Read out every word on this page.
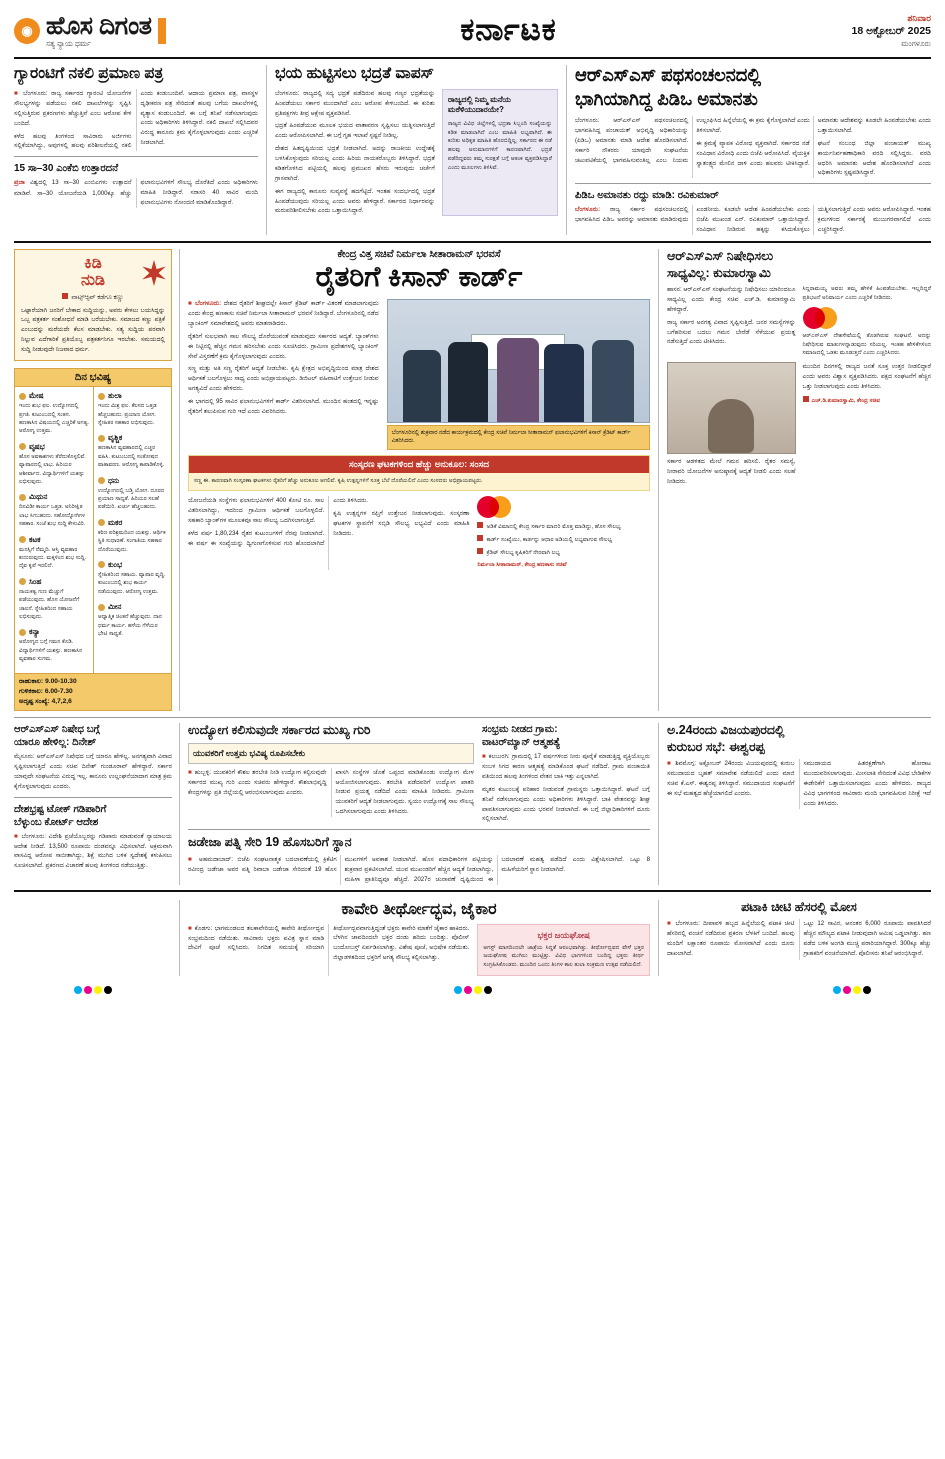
◉ ಹೊಸ ದಿಗಂತ
ಸತ್ಯ ನ್ಯಾಯ ಧರ್ಮ	ಕರ್ನಾಟಕ	ಶನಿವಾರ
18 ಅಕ್ಟೋಬರ್ 2025
ಮಂಗಳೂರು
ಗ್ಯಾರಂಟಿಗೆ ನಕಲಿ ಪ್ರಮಾಣ ಪತ್ರ
■ ಬೆಂಗಳೂರು: ರಾಜ್ಯ ಸರ್ಕಾರದ ಗ್ಯಾರಂಟಿ ಯೋಜನೆಗಳ ಸೌಲಭ್ಯಗಳನ್ನು ಪಡೆಯಲು ನಕಲಿ ದಾಖಲೆಗಳನ್ನು ಸೃಷ್ಟಿಸಿ ಸಲ್ಲಿಸುತ್ತಿರುವ ಪ್ರಕರಣಗಳು ಹೆಚ್ಚುತ್ತಿವೆ ಎಂಬ ಆರೋಪ ಕೇಳಿ ಬಂದಿದೆ.
ಕಳೆದ ಹಲವು ತಿಂಗಳಿಂದ ಸಾವಿರಾರು ಅರ್ಜಿಗಳು ಸಲ್ಲಿಕೆಯಾಗಿದ್ದು, ಅವುಗಳಲ್ಲಿ ಹಲವು ಪರಿಶೀಲನೆಯಲ್ಲಿ ನಕಲಿ ಎಂದು ಕಂಡುಬಂದಿವೆ. ಆದಾಯ ಪ್ರಮಾಣ ಪತ್ರ, ವಾಸಸ್ಥಳ ದೃಢೀಕರಣ ಪತ್ರ ಸೇರಿದಂತೆ ಹಲವು ಬಗೆಯ ದಾಖಲೆಗಳಲ್ಲಿ ವ್ಯತ್ಯಾಸ ಕಂಡುಬಂದಿದೆ. ಈ ಬಗ್ಗೆ ತನಿಖೆ ನಡೆಸಲಾಗುವುದು ಎಂದು ಅಧಿಕಾರಿಗಳು ತಿಳಿಸಿದ್ದಾರೆ. ನಕಲಿ ದಾಖಲೆ ಸಲ್ಲಿಸಿದವರ ವಿರುದ್ಧ ಕಾನೂನು ಕ್ರಮ ಕೈಗೊಳ್ಳಲಾಗುವುದು ಎಂದು ಎಚ್ಚರಿಕೆ ನೀಡಲಾಗಿದೆ.
15 ಸಾ–30 ಎಂಕೆಬಿ ಉತ್ತಾರದನೆ
ಪ್ರಜಾ ವಿಶ್ವದಲ್ಲಿ 13 ಸಾ–30 ಎಂಬಿಎಗಳು ಉತ್ಪಾದನೆ ಮಾಡಿವೆ. ಸಾ–30 ಯೋಜನೆಯಡಿ 1,000ಕ್ಕೂ ಹೆಚ್ಚು ಫಲಾನುಭವಿಗಳಿಗೆ ಸೌಲಭ್ಯ ದೊರೆತಿದೆ ಎಂದು ಅಧಿಕಾರಿಗಳು ಮಾಹಿತಿ ನೀಡಿದ್ದಾರೆ. ಸರಾಸರಿ 40 ಸಾವಿರ ಮಂದಿ ಫಲಾನುಭವಿಗಳು ನೋಂದಣಿ ಮಾಡಿಕೊಂಡಿದ್ದಾರೆ.
ಭಯ ಹುಟ್ಟಿಸಲು ಭದ್ರತೆ ವಾಪಸ್
ಬೆಂಗಳೂರು: ರಾಜ್ಯದಲ್ಲಿ ಸದ್ಯ ಭದ್ರತೆ ಪಡೆದಿರುವ ಹಲವು ಗಣ್ಯರ ಭದ್ರತೆಯನ್ನು ಹಿಂಪಡೆಯಲು ಸರ್ಕಾರ ಮುಂದಾಗಿದೆ ಎಂಬ ಆರೋಪ ಕೇಳಿಬಂದಿದೆ. ಈ ಕುರಿತು ಪ್ರತಿಪಕ್ಷಗಳು ತೀವ್ರ ಆಕ್ಷೇಪ ವ್ಯಕ್ತಪಡಿಸಿವೆ.
ಭದ್ರತೆ ಹಿಂಪಡೆಯುವ ಮೂಲಕ ಭಯದ ವಾತಾವರಣ ಸೃಷ್ಟಿಸಲು ಯತ್ನಿಸಲಾಗುತ್ತಿದೆ ಎಂದು ಆರೋಪಿಸಲಾಗಿದೆ. ಈ ಬಗ್ಗೆ ಗೃಹ ಇಲಾಖೆ ಸ್ಪಷ್ಟನೆ ನೀಡಿಲ್ಲ.
ದೇಶದ ಹಿತದೃಷ್ಟಿಯಿಂದ ಭದ್ರತೆ ನೀಡಲಾಗಿದೆ. ಅದನ್ನು ರಾಜಕೀಯ ಉದ್ದೇಶಕ್ಕೆ ಬಳಸಿಕೊಳ್ಳುವುದು ಸರಿಯಲ್ಲ ಎಂದು ಹಿರಿಯ ನಾಯಕರೊಬ್ಬರು ತಿಳಿಸಿದ್ದಾರೆ. ಭದ್ರತೆ ಕಡಿತಗೊಳಿಸಿದ ಪಟ್ಟಿಯಲ್ಲಿ ಹಲವು ಪ್ರಮುಖರ ಹೆಸರು ಇರುವುದು ಚರ್ಚೆಗೆ ಗ್ರಾಸವಾಗಿದೆ.
ಈಗ ರಾಜ್ಯದಲ್ಲಿ ಕಾನೂನು ಸುವ್ಯವಸ್ಥೆ ಹದಗೆಟ್ಟಿದೆ. ಇಂತಹ ಸಂದರ್ಭದಲ್ಲಿ ಭದ್ರತೆ ಹಿಂಪಡೆಯುವುದು ಸರಿಯಲ್ಲ ಎಂದು ಅವರು ಹೇಳಿದ್ದಾರೆ. ಸರ್ಕಾರದ ನಿರ್ಧಾರವನ್ನು ಮರುಪರಿಶೀಲಿಸಬೇಕು ಎಂದು ಒತ್ತಾಯಿಸಿದ್ದಾರೆ.
ರಾಜ್ಯದಲ್ಲಿ ನಿಮ್ಮ ಮನೆಯ ಮಠೆಳಿಯುದಾರಯೇ?
ರಾಜ್ಯದ ವಿವಿಧ ಜಿಲ್ಲೆಗಳಲ್ಲಿ ಭದ್ರತಾ ಸಿಬ್ಬಂದಿ ಸಂಖ್ಯೆಯನ್ನು ಕಡಿತ ಮಾಡಲಾಗಿದೆ ಎಂಬ ಮಾಹಿತಿ ಲಭ್ಯವಾಗಿದೆ. ಈ ಕುರಿತು ಅಧಿಕೃತ ಮಾಹಿತಿ ಹೊರಬಿದ್ದಿಲ್ಲ. ಸರ್ಕಾರದ ಈ ನಡೆ ಹಲವು ಅನುಮಾನಗಳಿಗೆ ಕಾರಣವಾಗಿದೆ. ಭದ್ರತೆ ಪಡೆದಿದ್ದವರು ತಮ್ಮ ಸುರಕ್ಷತೆ ಬಗ್ಗೆ ಆತಂಕ ವ್ಯಕ್ತಪಡಿಸಿದ್ದಾರೆ ಎಂದು ಮೂಲಗಳು ತಿಳಿಸಿವೆ.
ಆರ್‌ಎಸ್‌ಎಸ್‌ ಪಥಸಂಚಲನದಲ್ಲಿ
ಭಾಗಿಯಾಗಿದ್ದ ಪಿಡಿಒ ಅಮಾನತು
ಬೆಂಗಳೂರು: ಆರ್‌ಎಸ್‌ಎಸ್‌ ಪಥಸಂಚಲನದಲ್ಲಿ ಭಾಗವಹಿಸಿದ್ದ ಪಂಚಾಯತ್ ಅಭಿವೃದ್ಧಿ ಅಧಿಕಾರಿಯನ್ನು (ಪಿಡಿಒ) ಅಮಾನತು ಮಾಡಿ ಆದೇಶ ಹೊರಡಿಸಲಾಗಿದೆ. ಸರ್ಕಾರಿ ನೌಕರರು ಯಾವುದೇ ಸಂಘಟನೆಯ ಚಟುವಟಿಕೆಯಲ್ಲಿ ಭಾಗವಹಿಸುವಂತಿಲ್ಲ ಎಂಬ ನಿಯಮ ಉಲ್ಲಂಘಿಸಿದ ಹಿನ್ನೆಲೆಯಲ್ಲಿ ಈ ಕ್ರಮ ಕೈಗೊಳ್ಳಲಾಗಿದೆ ಎಂದು ತಿಳಿಸಲಾಗಿದೆ.
ಈ ಕ್ರಮಕ್ಕೆ ವ್ಯಾಪಕ ವಿರೋಧ ವ್ಯಕ್ತವಾಗಿದೆ. ಸರ್ಕಾರದ ನಡೆ ಸಂವಿಧಾನ ವಿರೋಧಿ ಎಂದು ಬಿಜೆಪಿ ಆರೋಪಿಸಿದೆ. ವೈಯಕ್ತಿಕ ಸ್ವಾತಂತ್ರ್ಯದ ಮೇಲಿನ ದಾಳಿ ಎಂದು ಹಲವರು ಟೀಕಿಸಿದ್ದಾರೆ. ಅಮಾನತು ಆದೇಶವನ್ನು ಕೂಡಲೇ ಹಿಂಪಡೆಯಬೇಕು ಎಂದು ಒತ್ತಾಯಿಸಲಾಗಿದೆ.
ಘಟನೆ ಸಂಬಂಧ ಜಿಲ್ಲಾ ಪಂಚಾಯತ್ ಮುಖ್ಯ ಕಾರ್ಯನಿರ್ವಹಣಾಧಿಕಾರಿ ವರದಿ ಸಲ್ಲಿಸಿದ್ದರು. ವರದಿ ಆಧರಿಸಿ ಅಮಾನತು ಆದೇಶ ಹೊರಡಿಸಲಾಗಿದೆ ಎಂದು ಅಧಿಕಾರಿಗಳು ಸ್ಪಷ್ಟಪಡಿಸಿದ್ದಾರೆ.
ಪಿಡಿಒ ಅಮಾನತು ರದ್ದು ಮಾಡಿ: ರವಿಕುಮಾರ್
ಬೆಂಗಳೂರು: ರಾಜ್ಯ ಸರ್ಕಾರ ಪಥಸಂಚಲನದಲ್ಲಿ ಭಾಗವಹಿಸಿದ ಪಿಡಿಒ ಅವರನ್ನು ಅಮಾನತು ಮಾಡಿರುವುದು ಖಂಡನೀಯ. ಕೂಡಲೇ ಆದೇಶ ಹಿಂಪಡೆಯಬೇಕು ಎಂದು ಬಿಜೆಪಿ ಮುಖಂಡ ಎನ್. ರವಿಕುಮಾರ್ ಒತ್ತಾಯಿಸಿದ್ದಾರೆ. ಸಂವಿಧಾನ ನೀಡಿರುವ ಹಕ್ಕನ್ನು ಕಸಿದುಕೊಳ್ಳಲು ಯತ್ನಿಸಲಾಗುತ್ತಿದೆ ಎಂದು ಅವರು ಆರೋಪಿಸಿದ್ದಾರೆ. ಇಂತಹ ಕ್ರಮಗಳಿಂದ ಸರ್ಕಾರಕ್ಕೆ ಮುಜುಗರವಾಗಲಿದೆ ಎಂದು ಎಚ್ಚರಿಸಿದ್ದಾರೆ.
ಕಿಡಿ
ನುಡಿ
ವಾಟ್ಸ್‌ಆ್ಯಪ್ ಕಡೆಗೂ ಕಣ್ಣು
ಒಟ್ಟಾರೆಯಾಗಿ ಜನರಿಗೆ ಬೇಕಾದ ಸುದ್ದಿಯನ್ನು, ಅವರು ಕೇಳಲು ಬಯಸಿದ್ದನ್ನು ಒಬ್ಬ ಪತ್ರಕರ್ತ ಸಂಶೋಧನೆ ಮಾಡಿ ಬರೆಯಬೇಕು. ಸಮಾಜದ ಕಣ್ಣು ಪತ್ರಿಕೆ ಎಂಬುದನ್ನು ಮರೆಯದೇ ಕೆಲಸ ಮಾಡಬೇಕು. ಸತ್ಯ ಸುದ್ದಿಯ ಪರವಾಗಿ ನಿಲ್ಲುವ ಎದೆಗಾರಿಕೆ ಪ್ರತಿಯೊಬ್ಬ ಪತ್ರಕರ್ತನಿಗೂ ಇರಬೇಕು. ಸಮಯದಲ್ಲಿ ಸುದ್ದಿ ನೀಡುವುದೇ ನಿಜವಾದ ಧರ್ಮ.
ದಿನ ಭವಿಷ್ಯ
ಮೇಷ
ಇಂದು ಶುಭ ಫಲ. ಉದ್ಯೋಗದಲ್ಲಿ ಪ್ರಗತಿ. ಕುಟುಂಬದಲ್ಲಿ ಸಂತಸ. ಹಣಕಾಸಿನ ವಿಷಯದಲ್ಲಿ ಎಚ್ಚರಿಕೆ ಅಗತ್ಯ. ಆರೋಗ್ಯ ಉತ್ತಮ.
ವೃಷಭ
ಹೊಸ ಅವಕಾಶಗಳು ತೆರೆದುಕೊಳ್ಳಲಿವೆ. ವ್ಯಾಪಾರದಲ್ಲಿ ಲಾಭ. ಹಿರಿಯರ ಆಶೀರ್ವಾದ. ವಿದ್ಯಾರ್ಥಿಗಳಿಗೆ ಯಶಸ್ಸು ಲಭಿಸುವುದು.
ಮಿಥುನ
ದಿನವಿಡೀ ಕಾರ್ಯ ಒತ್ತಡ. ಅನಿರೀಕ್ಷಿತ ಲಾಭ ಸಿಗಬಹುದು. ಸಹೋದ್ಯೋಗಿಗಳ ಸಹಕಾರ. ಸಂಜೆ ಶುಭ ಸುದ್ದಿ ಕೇಳುವಿರಿ.
ಕಟಕ
ಮನಸ್ಸಿಗೆ ನೆಮ್ಮದಿ. ಆಸ್ತಿ ವ್ಯವಹಾರ ಕುದುರುವುದು. ಮಕ್ಕಳಿಂದ ಶುಭ ಸುದ್ದಿ. ದೈವ ಕೃಪೆ ಇರಲಿದೆ.
ಸಿಂಹ
ನಾಯಕತ್ವ ಗುಣ ಮೆಚ್ಚುಗೆ ಪಡೆಯುವುದು. ಹೊಸ ಯೋಜನೆಗೆ ಚಾಲನೆ. ಸ್ನೇಹಿತರಿಂದ ಸಹಾಯ ಲಭಿಸುವುದು.
ಕನ್ಯಾ
ಆರೋಗ್ಯದ ಬಗ್ಗೆ ಗಮನ ಕೊಡಿ. ವಿದ್ಯಾರ್ಥಿಗಳಿಗೆ ಯಶಸ್ಸು. ಹಣಕಾಸಿನ ವ್ಯವಹಾರ ಸುಗಮ.
ತುಲಾ
ಇಂದು ಮಿಶ್ರ ಫಲ. ಕೆಲಸದ ಒತ್ತಡ ಹೆಚ್ಚಬಹುದು. ಪ್ರಯಾಣ ಯೋಗ. ಸ್ನೇಹಿತರ ಸಹಕಾರ ಲಭಿಸುವುದು.
ವೃಶ್ಚಿಕ
ಹಣಕಾಸಿನ ವ್ಯವಹಾರದಲ್ಲಿ ಎಚ್ಚರ ವಹಿಸಿ. ಕುಟುಂಬದಲ್ಲಿ ಸಂತೋಷದ ವಾತಾವರಣ. ಆರೋಗ್ಯ ಕಾಪಾಡಿಕೊಳ್ಳಿ.
ಧನು
ಉದ್ಯೋಗದಲ್ಲಿ ಬಡ್ತಿ ಯೋಗ. ದೂರದ ಪ್ರಯಾಣ ಸಾಧ್ಯತೆ. ಹಿರಿಯರ ಸಲಹೆ ಪಡೆಯಿರಿ. ಖರ್ಚು ಹೆಚ್ಚಬಹುದು.
ಮಕರ
ಕಠಿಣ ಪರಿಶ್ರಮದಿಂದ ಯಶಸ್ಸು. ಆರ್ಥಿಕ ಸ್ಥಿತಿ ಸುಧಾರಣೆ. ಸಂಗಾತಿಯ ಸಹಕಾರ ದೊರೆಯುವುದು.
ಕುಂಭ
ಸ್ನೇಹಿತರಿಂದ ಸಹಾಯ. ವ್ಯಾಪಾರ ವೃದ್ಧಿ. ಕುಟುಂಬದಲ್ಲಿ ಶುಭ ಕಾರ್ಯ ನಡೆಯುವುದು. ಆರೋಗ್ಯ ಉತ್ತಮ.
ಮೀನ
ಆಧ್ಯಾತ್ಮಿಕ ಚಿಂತನೆ ಹೆಚ್ಚುವುದು. ದಾನ ಧರ್ಮ ಕಾರ್ಯ. ಹಳೆಯ ಗೆಳೆಯರ ಭೇಟಿ ಸಾಧ್ಯತೆ.
ರಾಹುಕಾಲ: 9.00-10.30
ಗುಳಿಕಕಾಲ: 6.00-7.30
ಅದೃಷ್ಟ ಸಂಖ್ಯೆ: 4,7,2,6
ಕೇಂದ್ರ ವಿತ್ತ ಸಚಿವೆ ನಿರ್ಮಲಾ ಸೀತಾರಾಮನ್ ಭರವಸೆ
ರೈತರಿಗೆ ಕಿಸಾನ್ ಕಾರ್ಡ್
■ ಬೆಂಗಳೂರು: ದೇಶದ ರೈತರಿಗೆ ಶೀಘ್ರದಲ್ಲೇ ಕಿಸಾನ್ ಕ್ರೆಡಿಟ್ ಕಾರ್ಡ್ ವಿತರಣೆ ಮಾಡಲಾಗುವುದು ಎಂದು ಕೇಂದ್ರ ಹಣಕಾಸು ಸಚಿವೆ ನಿರ್ಮಲಾ ಸೀತಾರಾಮನ್ ಭರವಸೆ ನೀಡಿದ್ದಾರೆ. ಬೆಂಗಳೂರಿನಲ್ಲಿ ನಡೆದ ಬ್ಯಾಂಕಿಂಗ್ ಸಮಾವೇಶದಲ್ಲಿ ಅವರು ಮಾತನಾಡಿದರು.
ರೈತರಿಗೆ ಸುಲಭವಾಗಿ ಸಾಲ ಸೌಲಭ್ಯ ದೊರೆಯುವಂತೆ ಮಾಡುವುದು ಸರ್ಕಾರದ ಆದ್ಯತೆ. ಬ್ಯಾಂಕ್‌ಗಳು ಈ ನಿಟ್ಟಿನಲ್ಲಿ ಹೆಚ್ಚಿನ ಗಮನ ಹರಿಸಬೇಕು ಎಂದು ಸೂಚಿಸಿದರು. ಗ್ರಾಮೀಣ ಪ್ರದೇಶಗಳಲ್ಲಿ ಬ್ಯಾಂಕಿಂಗ್ ಸೇವೆ ವಿಸ್ತರಣೆಗೆ ಕ್ರಮ ಕೈಗೊಳ್ಳಲಾಗುವುದು ಎಂದರು.
ಸಣ್ಣ ಮತ್ತು ಅತಿ ಸಣ್ಣ ರೈತರಿಗೆ ಆದ್ಯತೆ ನೀಡಬೇಕು. ಕೃಷಿ ಕ್ಷೇತ್ರದ ಅಭಿವೃದ್ಧಿಯಿಂದ ಮಾತ್ರ ದೇಶದ ಆರ್ಥಿಕತೆ ಬಲಗೊಳ್ಳಲು ಸಾಧ್ಯ ಎಂದು ಅಭಿಪ್ರಾಯಪಟ್ಟರು. ಡಿಜಿಟಲ್ ವಹಿವಾಟಿಗೆ ಉತ್ತೇಜನ ನೀಡುವ ಅಗತ್ಯವಿದೆ ಎಂದು ಹೇಳಿದರು.
ಈ ಭಾಗದಲ್ಲಿ 95 ಸಾವಿರ ಫಲಾನುಭವಿಗಳಿಗೆ ಕಾರ್ಡ್ ವಿತರಿಸಲಾಗಿದೆ. ಮುಂದಿನ ಹಂತದಲ್ಲಿ ಇನ್ನಷ್ಟು ರೈತರಿಗೆ ತಲುಪಿಸುವ ಗುರಿ ಇದೆ ಎಂದು ವಿವರಿಸಿದರು.
ಬೆಂಗಳೂರಿನಲ್ಲಿ ಶುಕ್ರವಾರ ನಡೆದ ಕಾರ್ಯಕ್ರಮದಲ್ಲಿ ಕೇಂದ್ರ ಸಚಿವೆ ನಿರ್ಮಲಾ ಸೀತಾರಾಮನ್ ಫಲಾನುಭವಿಗಳಿಗೆ ಕಿಸಾನ್ ಕ್ರೆಡಿಟ್ ಕಾರ್ಡ್ ವಿತರಿಸಿದರು.
ಸಂಸ್ಕರಣ ಘಟಕಗಳಿಂದ ಹೆಚ್ಚು ಅನುಕೂಲ: ಸಂಸದ
ಸಣ್ಣ ಈ. ಕಾರಣವಾಗಿ ಸಂಸ್ಕರಣಾ ಘಟಕಗಳು ರೈತರಿಗೆ ಹೆಚ್ಚು ಅನುಕೂಲ ಆಗಲಿವೆ. ಕೃಷಿ ಉತ್ಪನ್ನಗಳಿಗೆ ಸೂಕ್ತ ಬೆಲೆ ದೊರೆಯಲಿದೆ ಎಂದು ಸಂಸದರು ಅಭಿಪ್ರಾಯಪಟ್ಟರು.
ಯೋಜನೆಯಡಿ ಸಂಸ್ಥೆಗಳು ಫಲಾನುಭವಿಗಳಿಗೆ 400 ಕೋಟಿ ರೂ. ಸಾಲ ವಿತರಿಸಲಾಗಿದ್ದು, ಇದರಿಂದ ಗ್ರಾಮೀಣ ಆರ್ಥಿಕತೆ ಬಲಗೊಳ್ಳಲಿದೆ. ಸಹಕಾರಿ ಬ್ಯಾಂಕ್‌ಗಳ ಮೂಲಕವೂ ಸಾಲ ಸೌಲಭ್ಯ ಒದಗಿಸಲಾಗುತ್ತಿದೆ.
ಕಳೆದ ವರ್ಷ 1,80,234 ರೈತರ ಕುಟುಂಬಗಳಿಗೆ ನೆರವು ನೀಡಲಾಗಿದೆ. ಈ ವರ್ಷ ಈ ಸಂಖ್ಯೆಯನ್ನು ದ್ವಿಗುಣಗೊಳಿಸುವ ಗುರಿ ಹೊಂದಲಾಗಿದೆ ಎಂದು ತಿಳಿಸಿದರು.
ಕೃಷಿ ಉತ್ಪನ್ನಗಳ ರಫ್ತಿಗೆ ಉತ್ತೇಜನ ನೀಡಲಾಗುವುದು. ಸಂಸ್ಕರಣಾ ಘಟಕಗಳ ಸ್ಥಾಪನೆಗೆ ಸಬ್ಸಿಡಿ ಸೌಲಭ್ಯ ಲಭ್ಯವಿದೆ ಎಂದು ಮಾಹಿತಿ ನೀಡಿದರು.
ಅಡಿಕೆ ವಿಮಾದಲ್ಲಿ ಕೇಂದ್ರ ಸರ್ಕಾರ ಮಾದರಿ ಮೊತ್ತ ಮಾಡಿದ್ದು, ಹೊಸ ಸೌಲಭ್ಯ
ಕಾರ್ಡ್ ಸಂಖ್ಯೆಯು, ಕಾರ್ಡನ್ನು ಆಧಾರ ಅಡಿಯಲ್ಲಿ ಲಭ್ಯವಾಗುವ ಸೌಲಭ್ಯ
ಕ್ರೆಡಿಟ್ ಸೌಲಭ್ಯ ಕೃಷಿಕರಿಗೆ ನೇರವಾಗಿ ಲಭ್ಯ
ನಿರ್ಮಲಾ ಸೀತಾರಾಮನ್, ಕೇಂದ್ರ ಹಣಕಾಸು ಸಚಿವೆ
ಆರ್‌ಎಸ್‌ಎಸ್‌ ನಿಷೇಧಿಸಲು
ಸಾಧ್ಯವಿಲ್ಲ: ಕುಮಾರಸ್ವಾಮಿ
ಹಾಸನ: ಆರ್‌ಎಸ್‌ಎಸ್‌ ಸಂಘಟನೆಯನ್ನು ನಿಷೇಧಿಸಲು ಯಾರಿಂದಲೂ ಸಾಧ್ಯವಿಲ್ಲ ಎಂದು ಕೇಂದ್ರ ಸಚಿವ ಎಚ್.ಡಿ. ಕುಮಾರಸ್ವಾಮಿ ಹೇಳಿದ್ದಾರೆ.
ರಾಜ್ಯ ಸರ್ಕಾರ ಅನಗತ್ಯ ವಿವಾದ ಸೃಷ್ಟಿಸುತ್ತಿದೆ. ಜನರ ಸಮಸ್ಯೆಗಳನ್ನು ಬಗೆಹರಿಸುವ ಬದಲು ಗಮನ ಬೇರೆಡೆ ಸೆಳೆಯುವ ಪ್ರಯತ್ನ ನಡೆಸುತ್ತಿದೆ ಎಂದು ಟೀಕಿಸಿದರು.
ಸಿದ್ದರಾಮಯ್ಯ ಅವರು ತಮ್ಮ ಹೇಳಿಕೆ ಹಿಂಪಡೆಯಬೇಕು. ಇಲ್ಲದಿದ್ದರೆ ಪ್ರತಿಭಟನೆ ಅನಿವಾರ್ಯ ಎಂದು ಎಚ್ಚರಿಕೆ ನೀಡಿದರು.
ಆರ್‌ಎಸ್‌ಎಸ್‌ ದೇಶಸೇವೆಯಲ್ಲಿ ತೊಡಗಿರುವ ಸಂಘಟನೆ. ಅದನ್ನು ನಿಷೇಧಿಸುವ ಮಾತುಗಳನ್ನಾಡುವುದು ಸರಿಯಲ್ಲ. ಇಂತಹ ಹೇಳಿಕೆಗಳಿಂದ ಸಮಾಜದಲ್ಲಿ ಒಡಕು ಮೂಡುತ್ತದೆ ಎಂದು ಎಚ್ಚರಿಸಿದರು.
ಸರ್ಕಾರ ಆಡಳಿತದ ಮೇಲೆ ಗಮನ ಹರಿಸಲಿ. ರೈತರ ಸಮಸ್ಯೆ, ನೀರಾವರಿ ಯೋಜನೆಗಳ ಅನುಷ್ಠಾನಕ್ಕೆ ಆದ್ಯತೆ ನೀಡಲಿ ಎಂದು ಸಲಹೆ ನೀಡಿದರು.
ಮುಂದಿನ ದಿನಗಳಲ್ಲಿ ರಾಜ್ಯದ ಜನತೆ ಸೂಕ್ತ ಉತ್ತರ ನೀಡಲಿದ್ದಾರೆ ಎಂದು ಅವರು ವಿಶ್ವಾಸ ವ್ಯಕ್ತಪಡಿಸಿದರು. ಪಕ್ಷದ ಸಂಘಟನೆಗೆ ಹೆಚ್ಚಿನ ಒತ್ತು ನೀಡಲಾಗುವುದು ಎಂದು ತಿಳಿಸಿದರು.
ಎಚ್.ಡಿ.ಕುಮಾರಸ್ವಾಮಿ, ಕೇಂದ್ರ ಸಚಿವ
ಆರ್‌ಎಸ್‌ಎಸ್‌ ನಿಷೇಧ ಬಗ್ಗೆ
ಯಾರೂ ಹೇಳಿಲ್ಲ: ದಿನೇಶ್
ಮೈಸೂರು: ಆರ್‌ಎಸ್‌ಎಸ್‌ ನಿಷೇಧದ ಬಗ್ಗೆ ಯಾರೂ ಹೇಳಿಲ್ಲ. ಅನಗತ್ಯವಾಗಿ ವಿವಾದ ಸೃಷ್ಟಿಸಲಾಗುತ್ತಿದೆ ಎಂದು ಸಚಿವ ದಿನೇಶ್ ಗುಂಡೂರಾವ್ ಹೇಳಿದ್ದಾರೆ. ಸರ್ಕಾರ ಯಾವುದೇ ಸಂಘಟನೆಯ ವಿರುದ್ಧ ಇಲ್ಲ. ಕಾನೂನು ಉಲ್ಲಂಘನೆಯಾದಾಗ ಮಾತ್ರ ಕ್ರಮ ಕೈಗೊಳ್ಳಲಾಗುವುದು ಎಂದರು.
ದೇಶಭ್ರಷ್ಟ ಟೋಕ್ ಗಡಿಪಾರಿಗೆ
ಬೆಳ್ಳುಂಬ ಕೋರ್ಟ್ ಆದೇಶ
■ ಬೆಂಗಳೂರು: ವಿದೇಶಿ ಪ್ರಜೆಯೊಬ್ಬರನ್ನು ಗಡಿಪಾರು ಮಾಡುವಂತೆ ನ್ಯಾಯಾಲಯ ಆದೇಶ ನೀಡಿದೆ. 13,500 ರೂಪಾಯಿ ದಂಡವನ್ನೂ ವಿಧಿಸಲಾಗಿದೆ. ಅಕ್ರಮವಾಗಿ ವಾಸವಿದ್ದ ಆರೋಪ ಸಾಬೀತಾಗಿದ್ದು, ಶಿಕ್ಷೆ ಮುಗಿದ ಬಳಿಕ ಸ್ವದೇಶಕ್ಕೆ ಕಳುಹಿಸಲು ಸೂಚಿಸಲಾಗಿದೆ. ಪ್ರಕರಣದ ವಿಚಾರಣೆ ಹಲವು ತಿಂಗಳಿಂದ ನಡೆಯುತ್ತಿತ್ತು.
ಉದ್ಯೋಗ ಕಲಿಸುವುದೇ ಸರ್ಕಾರದ ಮುಖ್ಯ ಗುರಿ
ಯುವಕರಿಗೆ ಉತ್ತಮ ಭವಿಷ್ಯ ರೂಪಿಸಬೇಕು
■ ಹುಬ್ಬಳ್ಳಿ: ಯುವಕರಿಗೆ ಕೌಶಲ ತರಬೇತಿ ನೀಡಿ ಉದ್ಯೋಗ ಕಲ್ಪಿಸುವುದೇ ಸರ್ಕಾರದ ಮುಖ್ಯ ಗುರಿ ಎಂದು ಸಚಿವರು ಹೇಳಿದ್ದಾರೆ. ಕೌಶಲಾಭಿವೃದ್ಧಿ ಕೇಂದ್ರಗಳನ್ನು ಪ್ರತಿ ಜಿಲ್ಲೆಯಲ್ಲಿ ಆರಂಭಿಸಲಾಗುವುದು ಎಂದರು.
ಖಾಸಗಿ ಸಂಸ್ಥೆಗಳ ಜೊತೆ ಒಪ್ಪಂದ ಮಾಡಿಕೊಂಡು ಉದ್ಯೋಗ ಮೇಳ ಆಯೋಜಿಸಲಾಗುವುದು. ತರಬೇತಿ ಪಡೆದವರಿಗೆ ಉದ್ಯೋಗ ಖಾತರಿ ನೀಡುವ ಪ್ರಯತ್ನ ನಡೆದಿದೆ ಎಂದು ಮಾಹಿತಿ ನೀಡಿದರು. ಗ್ರಾಮೀಣ ಯುವಕರಿಗೆ ಆದ್ಯತೆ ನೀಡಲಾಗುವುದು. ಸ್ವಯಂ ಉದ್ಯೋಗಕ್ಕೆ ಸಾಲ ಸೌಲಭ್ಯ ಒದಗಿಸಲಾಗುವುದು ಎಂದು ತಿಳಿಸಿದರು.
ಸಂಭ್ರಮ ನೀಡದ ಗ್ರಾಮ:
ವಾಟರ್‌ಮ್ಯಾನ್ ಆತ್ಮಹತ್ಯೆ
■ ಕಲಬುರಗಿ: ಗ್ರಾಮದಲ್ಲಿ 17 ವರ್ಷಗಳಿಂದ ನೀರು ಪೂರೈಕೆ ಮಾಡುತ್ತಿದ್ದ ವ್ಯಕ್ತಿಯೊಬ್ಬರು ಸಂಬಳ ಸಿಗದ ಕಾರಣ ಆತ್ಮಹತ್ಯೆ ಮಾಡಿಕೊಂಡ ಘಟನೆ ನಡೆದಿದೆ. ಗ್ರಾಮ ಪಂಚಾಯಿತಿ ವತಿಯಿಂದ ಹಲವು ತಿಂಗಳಿಂದ ವೇತನ ಬಾಕಿ ಇತ್ತು ಎನ್ನಲಾಗಿದೆ.
ಮೃತರ ಕುಟುಂಬಕ್ಕೆ ಪರಿಹಾರ ನೀಡುವಂತೆ ಗ್ರಾಮಸ್ಥರು ಒತ್ತಾಯಿಸಿದ್ದಾರೆ. ಘಟನೆ ಬಗ್ಗೆ ತನಿಖೆ ನಡೆಸಲಾಗುವುದು ಎಂದು ಅಧಿಕಾರಿಗಳು ತಿಳಿಸಿದ್ದಾರೆ. ಬಾಕಿ ವೇತನವನ್ನು ಶೀಘ್ರ ಪಾವತಿಸಲಾಗುವುದು ಎಂದು ಭರವಸೆ ನೀಡಲಾಗಿದೆ. ಈ ಬಗ್ಗೆ ಜಿಲ್ಲಾಧಿಕಾರಿಗಳಿಗೆ ದೂರು ಸಲ್ಲಿಸಲಾಗಿದೆ.
ಜಡೇಜಾ ಪತ್ನಿ ಸೇರಿ 19 ಹೊಸಬರಿಗೆ ಸ್ಥಾನ
■ ಅಹಮದಾಬಾದ್: ಬಿಜೆಪಿ ಸಂಘಟನಾತ್ಮಕ ಬದಲಾವಣೆಯಲ್ಲಿ ಕ್ರಿಕೆಟಿಗ ರವೀಂದ್ರ ಜಡೇಜಾ ಅವರ ಪತ್ನಿ ರಿವಾಬಾ ಜಡೇಜಾ ಸೇರಿದಂತೆ 19 ಹೊಸ ಮುಖಗಳಿಗೆ ಅವಕಾಶ ನೀಡಲಾಗಿದೆ. ಹೊಸ ಪದಾಧಿಕಾರಿಗಳ ಪಟ್ಟಿಯನ್ನು ಶುಕ್ರವಾರ ಪ್ರಕಟಿಸಲಾಗಿದೆ. ಯುವ ಮುಖಂಡರಿಗೆ ಹೆಚ್ಚಿನ ಆದ್ಯತೆ ನೀಡಲಾಗಿದ್ದು, ಮಹಿಳಾ ಪ್ರಾತಿನಿಧ್ಯವೂ ಹೆಚ್ಚಿದೆ. 2027ರ ಚುನಾವಣೆ ದೃಷ್ಟಿಯಿಂದ ಈ ಬದಲಾವಣೆ ಮಹತ್ವ ಪಡೆದಿದೆ ಎಂದು ವಿಶ್ಲೇಷಿಸಲಾಗಿದೆ. ಒಟ್ಟು 8 ಮಹಿಳೆಯರಿಗೆ ಸ್ಥಾನ ನೀಡಲಾಗಿದೆ.
ಅ.24ರಂದು ವಿಜಯಪುರದಲ್ಲಿ
ಕುರುಬರ ಸಭೆ: ಈಶ್ವರಪ್ಪ
■ ಶಿವಮೊಗ್ಗ: ಅಕ್ಟೋಬರ್ 24ರಂದು ವಿಜಯಪುರದಲ್ಲಿ ಕುರುಬ ಸಮುದಾಯದ ಬೃಹತ್ ಸಮಾವೇಶ ನಡೆಯಲಿದೆ ಎಂದು ಮಾಜಿ ಸಚಿವ ಕೆ.ಎಸ್. ಈಶ್ವರಪ್ಪ ತಿಳಿಸಿದ್ದಾರೆ. ಸಮುದಾಯದ ಸಂಘಟನೆಗೆ ಈ ಸಭೆ ಮಹತ್ವದ ಹೆಜ್ಜೆಯಾಗಲಿದೆ ಎಂದರು.
ಸಮುದಾಯದ ಹಿತರಕ್ಷಣೆಗಾಗಿ ಹೋರಾಟ ಮುಂದುವರಿಸಲಾಗುವುದು. ಮೀಸಲಾತಿ ಸೇರಿದಂತೆ ವಿವಿಧ ಬೇಡಿಕೆಗಳ ಈಡೇರಿಕೆಗೆ ಒತ್ತಾಯಿಸಲಾಗುವುದು ಎಂದು ಹೇಳಿದರು. ರಾಜ್ಯದ ವಿವಿಧ ಭಾಗಗಳಿಂದ ಸಾವಿರಾರು ಮಂದಿ ಭಾಗವಹಿಸುವ ನಿರೀಕ್ಷೆ ಇದೆ ಎಂದು ತಿಳಿಸಿದರು.
ಕಾವೇರಿ ತೀರ್ಥೋದ್ಭವ, ಜೈಕಾರ
■ ಕೊಡಗು: ಭಾಗಮಂಡಲದ ತಲಕಾವೇರಿಯಲ್ಲಿ ಕಾವೇರಿ ತೀರ್ಥೋದ್ಭವ ಸಂಭ್ರಮದಿಂದ ನಡೆಯಿತು. ಸಾವಿರಾರು ಭಕ್ತರು ಪವಿತ್ರ ಸ್ನಾನ ಮಾಡಿ ದೇವಿಗೆ ಪೂಜೆ ಸಲ್ಲಿಸಿದರು. ನಿಗದಿತ ಸಮಯಕ್ಕೆ ಸರಿಯಾಗಿ ತೀರ್ಥೋದ್ಭವವಾಗುತ್ತಿದ್ದಂತೆ ಭಕ್ತರು ಕಾವೇರಿ ಮಾತೆಗೆ ಜೈಕಾರ ಹಾಕಿದರು. ಬೆಳಗಿನ ಜಾವದಿಂದಲೇ ಭಕ್ತರ ದಂಡು ಹರಿದು ಬಂದಿತ್ತು. ಪೊಲೀಸ್ ಬಂದೋಬಸ್ತ್ ಏರ್ಪಡಿಸಲಾಗಿತ್ತು. ವಿಶೇಷ ಪೂಜೆ, ಅಭಿಷೇಕ ನಡೆಯಿತು. ಜಿಲ್ಲಾಡಳಿತದಿಂದ ಭಕ್ತರಿಗೆ ಅಗತ್ಯ ಸೌಲಭ್ಯ ಕಲ್ಪಿಸಲಾಗಿತ್ತು.
ಭಕ್ತರ ಜಯಘೋಷ
ಆಗಸ್ಟ್ ಮಾಸದಿಂದಲೇ ಜಾತ್ರೆಯ ಸಿದ್ಧತೆ ಆರಂಭವಾಗಿತ್ತು. ತೀರ್ಥೋದ್ಭವದ ವೇಳೆ ಭಕ್ತರ ಜಯಘೋಷ ಮುಗಿಲು ಮುಟ್ಟಿತ್ತು. ವಿವಿಧ ಭಾಗಗಳಿಂದ ಬಂದಿದ್ದ ಭಕ್ತರು ತೀರ್ಥ ಸಂಗ್ರಹಿಸಿಕೊಂಡರು. ಮುಂದಿನ ಒಂದು ತಿಂಗಳ ಕಾಲ ತುಲಾ ಸಂಕ್ರಮಣ ಉತ್ಸವ ನಡೆಯಲಿದೆ.
ಪಟಾಕಿ ಚೀಟಿ ಹೆಸರಲ್ಲಿ ಮೋಸ
■ ಬೆಂಗಳೂರು: ದೀಪಾವಳಿ ಹಬ್ಬದ ಹಿನ್ನೆಲೆಯಲ್ಲಿ ಪಟಾಕಿ ಚೀಟಿ ಹೆಸರಿನಲ್ಲಿ ವಂಚನೆ ನಡೆದಿರುವ ಪ್ರಕರಣ ಬೆಳಕಿಗೆ ಬಂದಿದೆ. ಹಲವು ಮಂದಿಗೆ ಲಕ್ಷಾಂತರ ರೂಪಾಯಿ ಮೋಸವಾಗಿದೆ ಎಂದು ದೂರು ದಾಖಲಾಗಿದೆ.
ಒಟ್ಟು 12 ಸಾವಿರ, ಆನಂತರ 6,000 ರೂಪಾಯಿ ಪಾವತಿಸಿದರೆ ಹೆಚ್ಚಿನ ಮೌಲ್ಯದ ಪಟಾಕಿ ನೀಡುವುದಾಗಿ ಆಮಿಷ ಒಡ್ಡಲಾಗಿತ್ತು. ಹಣ ಪಡೆದ ಬಳಿಕ ಅಂಗಡಿ ಮುಚ್ಚಿ ಪರಾರಿಯಾಗಿದ್ದಾರೆ. 300ಕ್ಕೂ ಹೆಚ್ಚು ಗ್ರಾಹಕರಿಗೆ ವಂಚನೆಯಾಗಿದೆ. ಪೊಲೀಸರು ತನಿಖೆ ಆರಂಭಿಸಿದ್ದಾರೆ.
